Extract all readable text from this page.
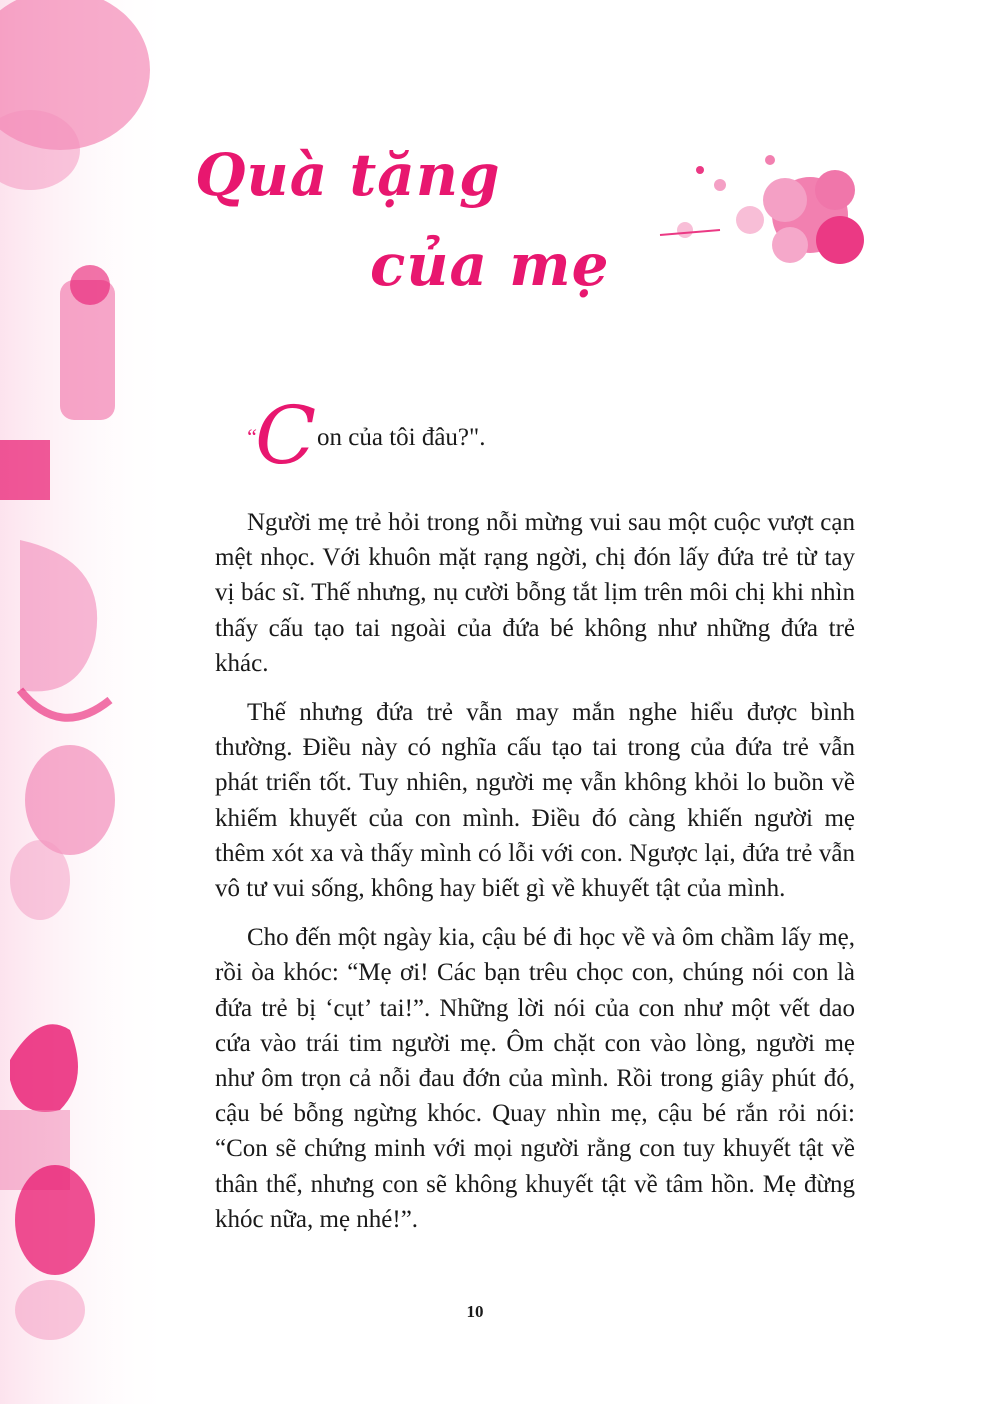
Quà tặng
của mẹ
“
C on của tôi đâu?".

Người mẹ trẻ hỏi trong nỗi mừng vui sau một cuộc vượt cạn mệt nhọc. Với khuôn mặt rạng ngời, chị đón lấy đứa trẻ từ tay vị bác sĩ. Thế nhưng, nụ cười bỗng tắt lịm trên môi chị khi nhìn thấy cấu tạo tai ngoài của đứa bé không như những đứa trẻ khác.

Thế nhưng đứa trẻ vẫn may mắn nghe hiểu được bình thường. Điều này có nghĩa cấu tạo tai trong của đứa trẻ vẫn phát triển tốt. Tuy nhiên, người mẹ vẫn không khỏi lo buồn về khiếm khuyết của con mình. Điều đó càng khiến người mẹ thêm xót xa và thấy mình có lỗi với con. Ngược lại, đứa trẻ vẫn vô tư vui sống, không hay biết gì về khuyết tật của mình.

Cho đến một ngày kia, cậu bé đi học về và ôm chầm lấy mẹ, rồi òa khóc: “Mẹ ơi! Các bạn trêu chọc con, chúng nói con là đứa trẻ bị ‘cụt’ tai!”. Những lời nói của con như một vết dao cứa vào trái tim người mẹ. Ôm chặt con vào lòng, người mẹ như ôm trọn cả nỗi đau đớn của mình. Rồi trong giây phút đó, cậu bé bỗng ngừng khóc. Quay nhìn mẹ, cậu bé rắn rỏi nói: “Con sẽ chứng minh với mọi người rằng con tuy khuyết tật về thân thể, nhưng con sẽ không khuyết tật về tâm hồn. Mẹ đừng khóc nữa, mẹ nhé!”.

10
